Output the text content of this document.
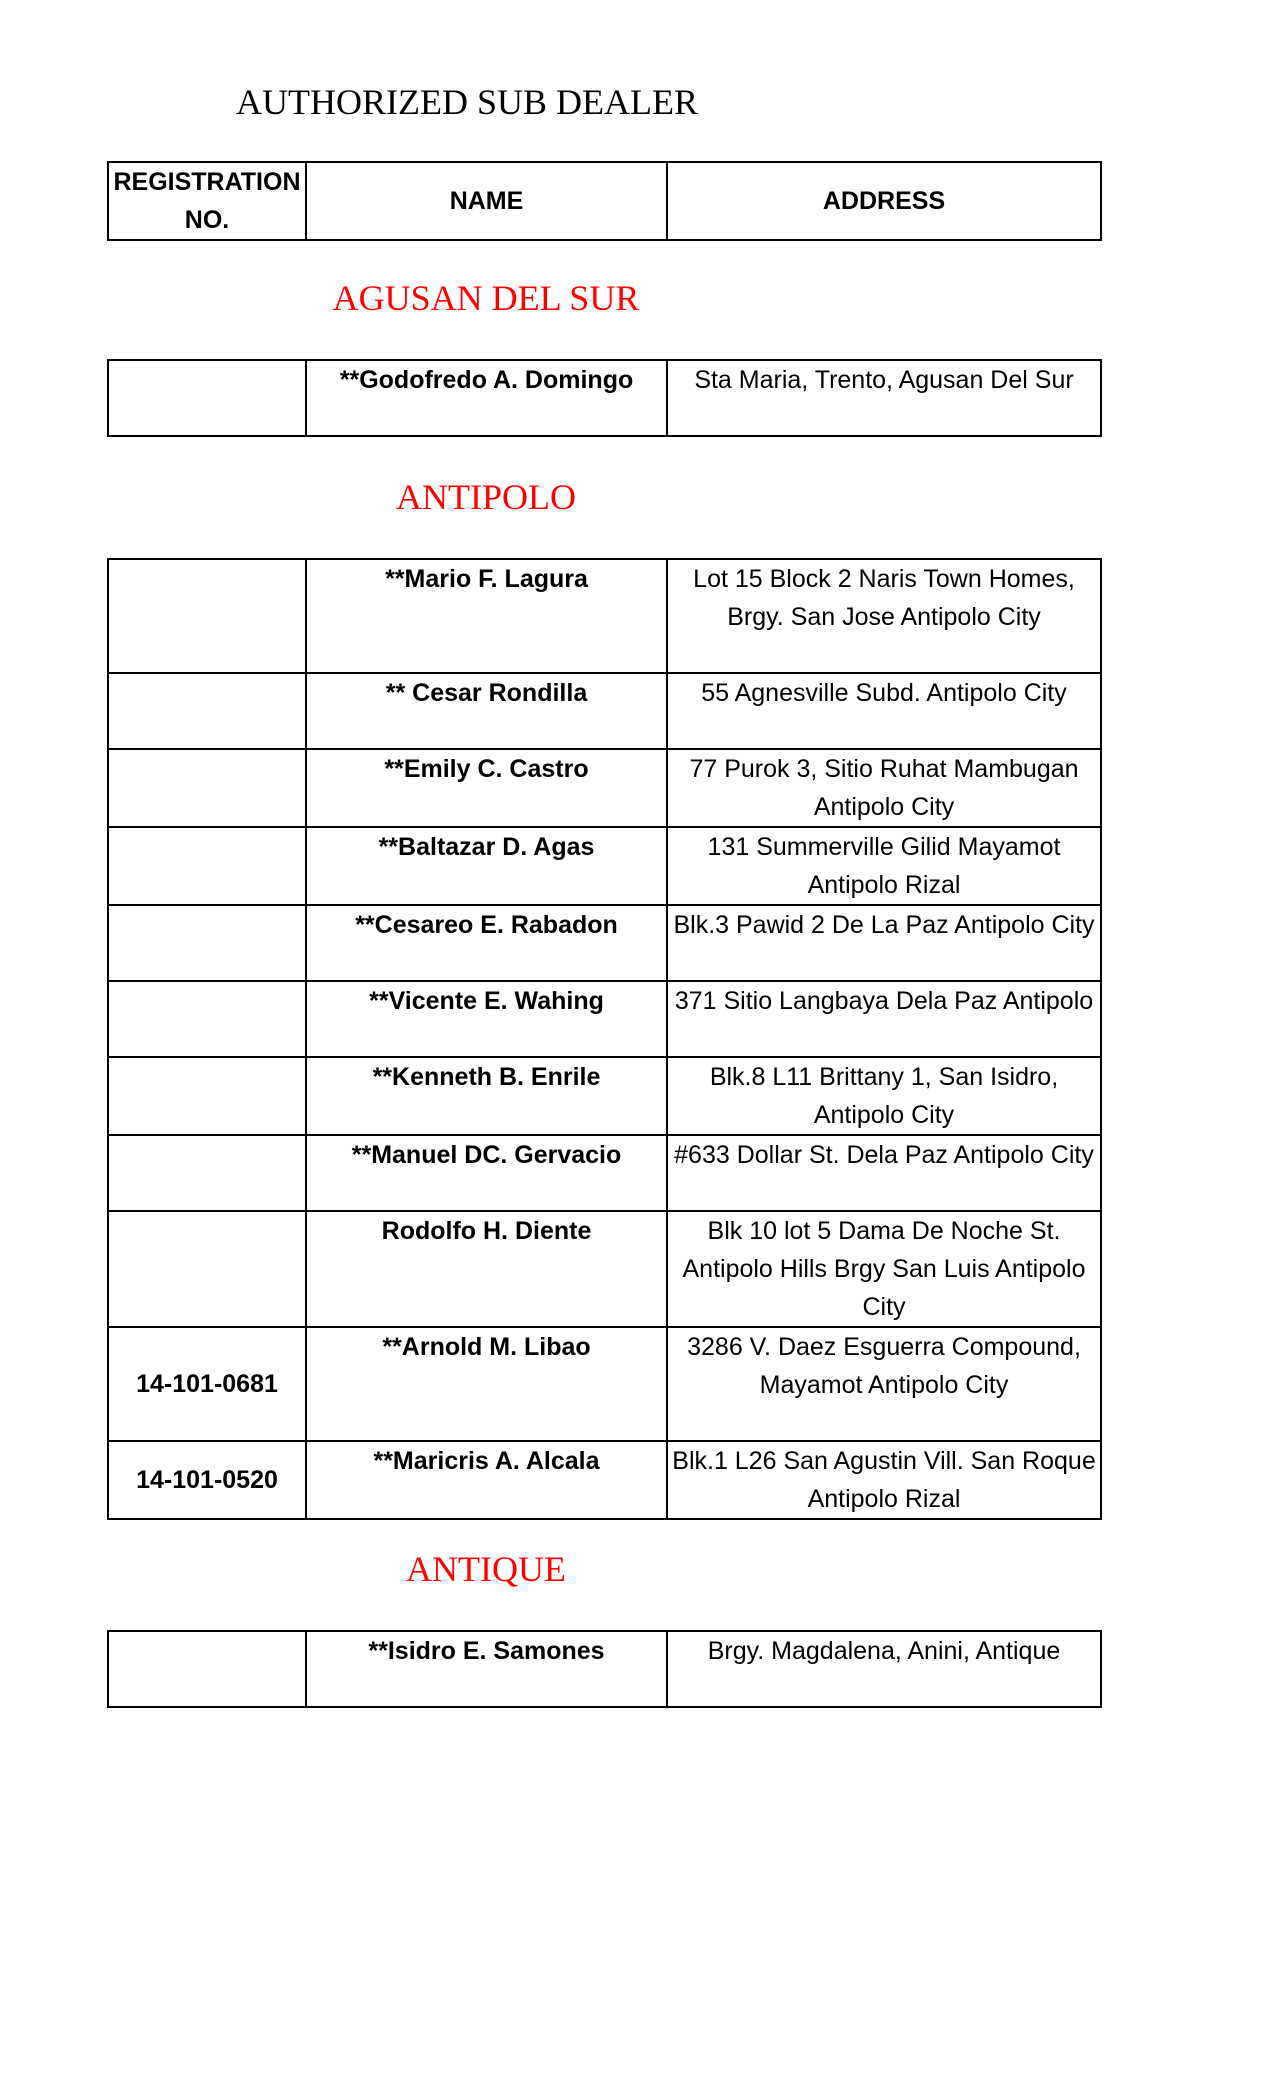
AUTHORIZED SUB DEALER
REGISTRATION NO.	NAME	ADDRESS
AGUSAN DEL SUR
	**Godofredo A. Domingo	Sta Maria, Trento, Agusan Del Sur
ANTIPOLO
	**Mario F. Lagura	Lot 15 Block 2 Naris Town Homes, Brgy. San Jose Antipolo City
	** Cesar Rondilla	55 Agnesville Subd. Antipolo City
	**Emily C. Castro	77 Purok 3, Sitio Ruhat Mambugan Antipolo City
	**Baltazar D. Agas	131 Summerville Gilid Mayamot Antipolo Rizal
	**Cesareo E. Rabadon	Blk.3 Pawid 2 De La Paz Antipolo City
	**Vicente E. Wahing	371 Sitio Langbaya Dela Paz Antipolo
	**Kenneth B. Enrile	Blk.8 L11 Brittany 1, San Isidro, Antipolo City
	**Manuel DC. Gervacio	#633 Dollar St. Dela Paz Antipolo City
	Rodolfo H. Diente	Blk 10 lot 5 Dama De Noche St. Antipolo Hills Brgy San Luis Antipolo City
14-101-0681	**Arnold M. Libao	3286 V. Daez Esguerra Compound, Mayamot Antipolo City
14-101-0520	**Maricris A. Alcala	Blk.1 L26 San Agustin Vill. San Roque Antipolo Rizal
ANTIQUE
	**Isidro E. Samones	Brgy. Magdalena, Anini, Antique
